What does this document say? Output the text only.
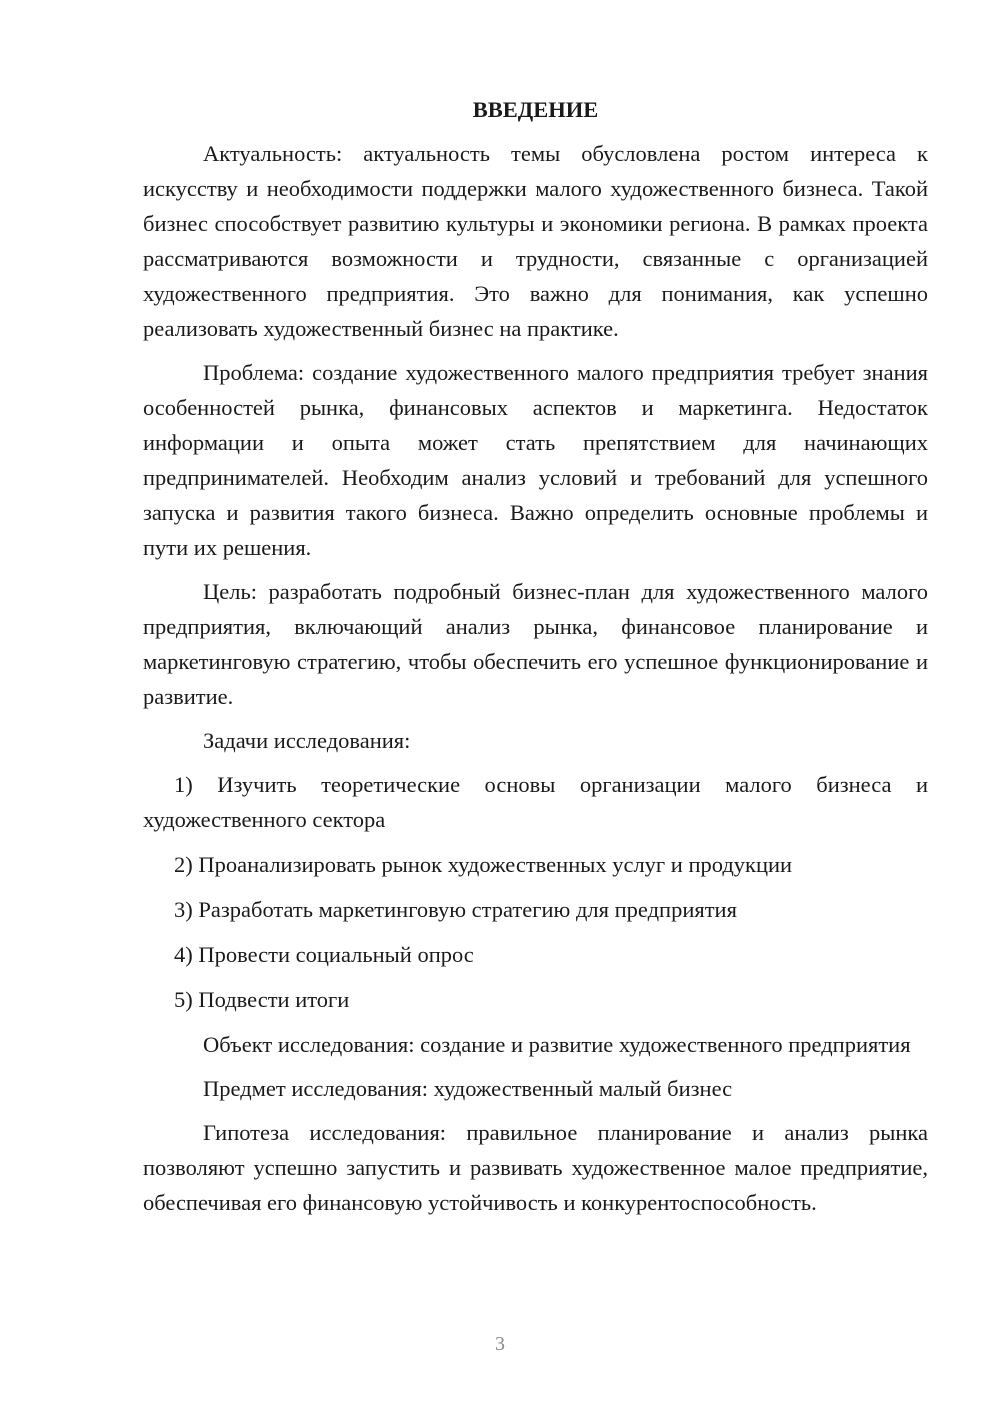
ВВЕДЕНИЕ

Актуальность: актуальность темы обусловлена ростом интереса к искусству и необходимости поддержки малого художественного бизнеса. Такой бизнес способствует развитию культуры и экономики региона. В рамках проекта рассматриваются возможности и трудности, связанные с организацией художественного предприятия. Это важно для понимания, как успешно реализовать художественный бизнес на практике.

Проблема: создание художественного малого предприятия требует знания особенностей рынка, финансовых аспектов и маркетинга. Недостаток информации и опыта может стать препятствием для начинающих предпринимателей. Необходим анализ условий и требований для успешного запуска и развития такого бизнеса. Важно определить основные проблемы и пути их решения.

Цель: разработать подробный бизнес-план для художественного малого предприятия, включающий анализ рынка, финансовое планирование и маркетинговую стратегию, чтобы обеспечить его успешное функционирование и развитие.

Задачи исследования:

1) Изучить теоретические основы организации малого бизнеса и художественного сектора

2) Проанализировать рынок художественных услуг и продукции

3) Разработать маркетинговую стратегию для предприятия

4) Провести социальный опрос

5) Подвести итоги

Объект исследования: создание и развитие художественного предприятия

Предмет исследования: художественный малый бизнес

Гипотеза исследования: правильное планирование и анализ рынка позволяют успешно запустить и развивать художественное малое предприятие, обеспечивая его финансовую устойчивость и конкурентоспособность.

3
